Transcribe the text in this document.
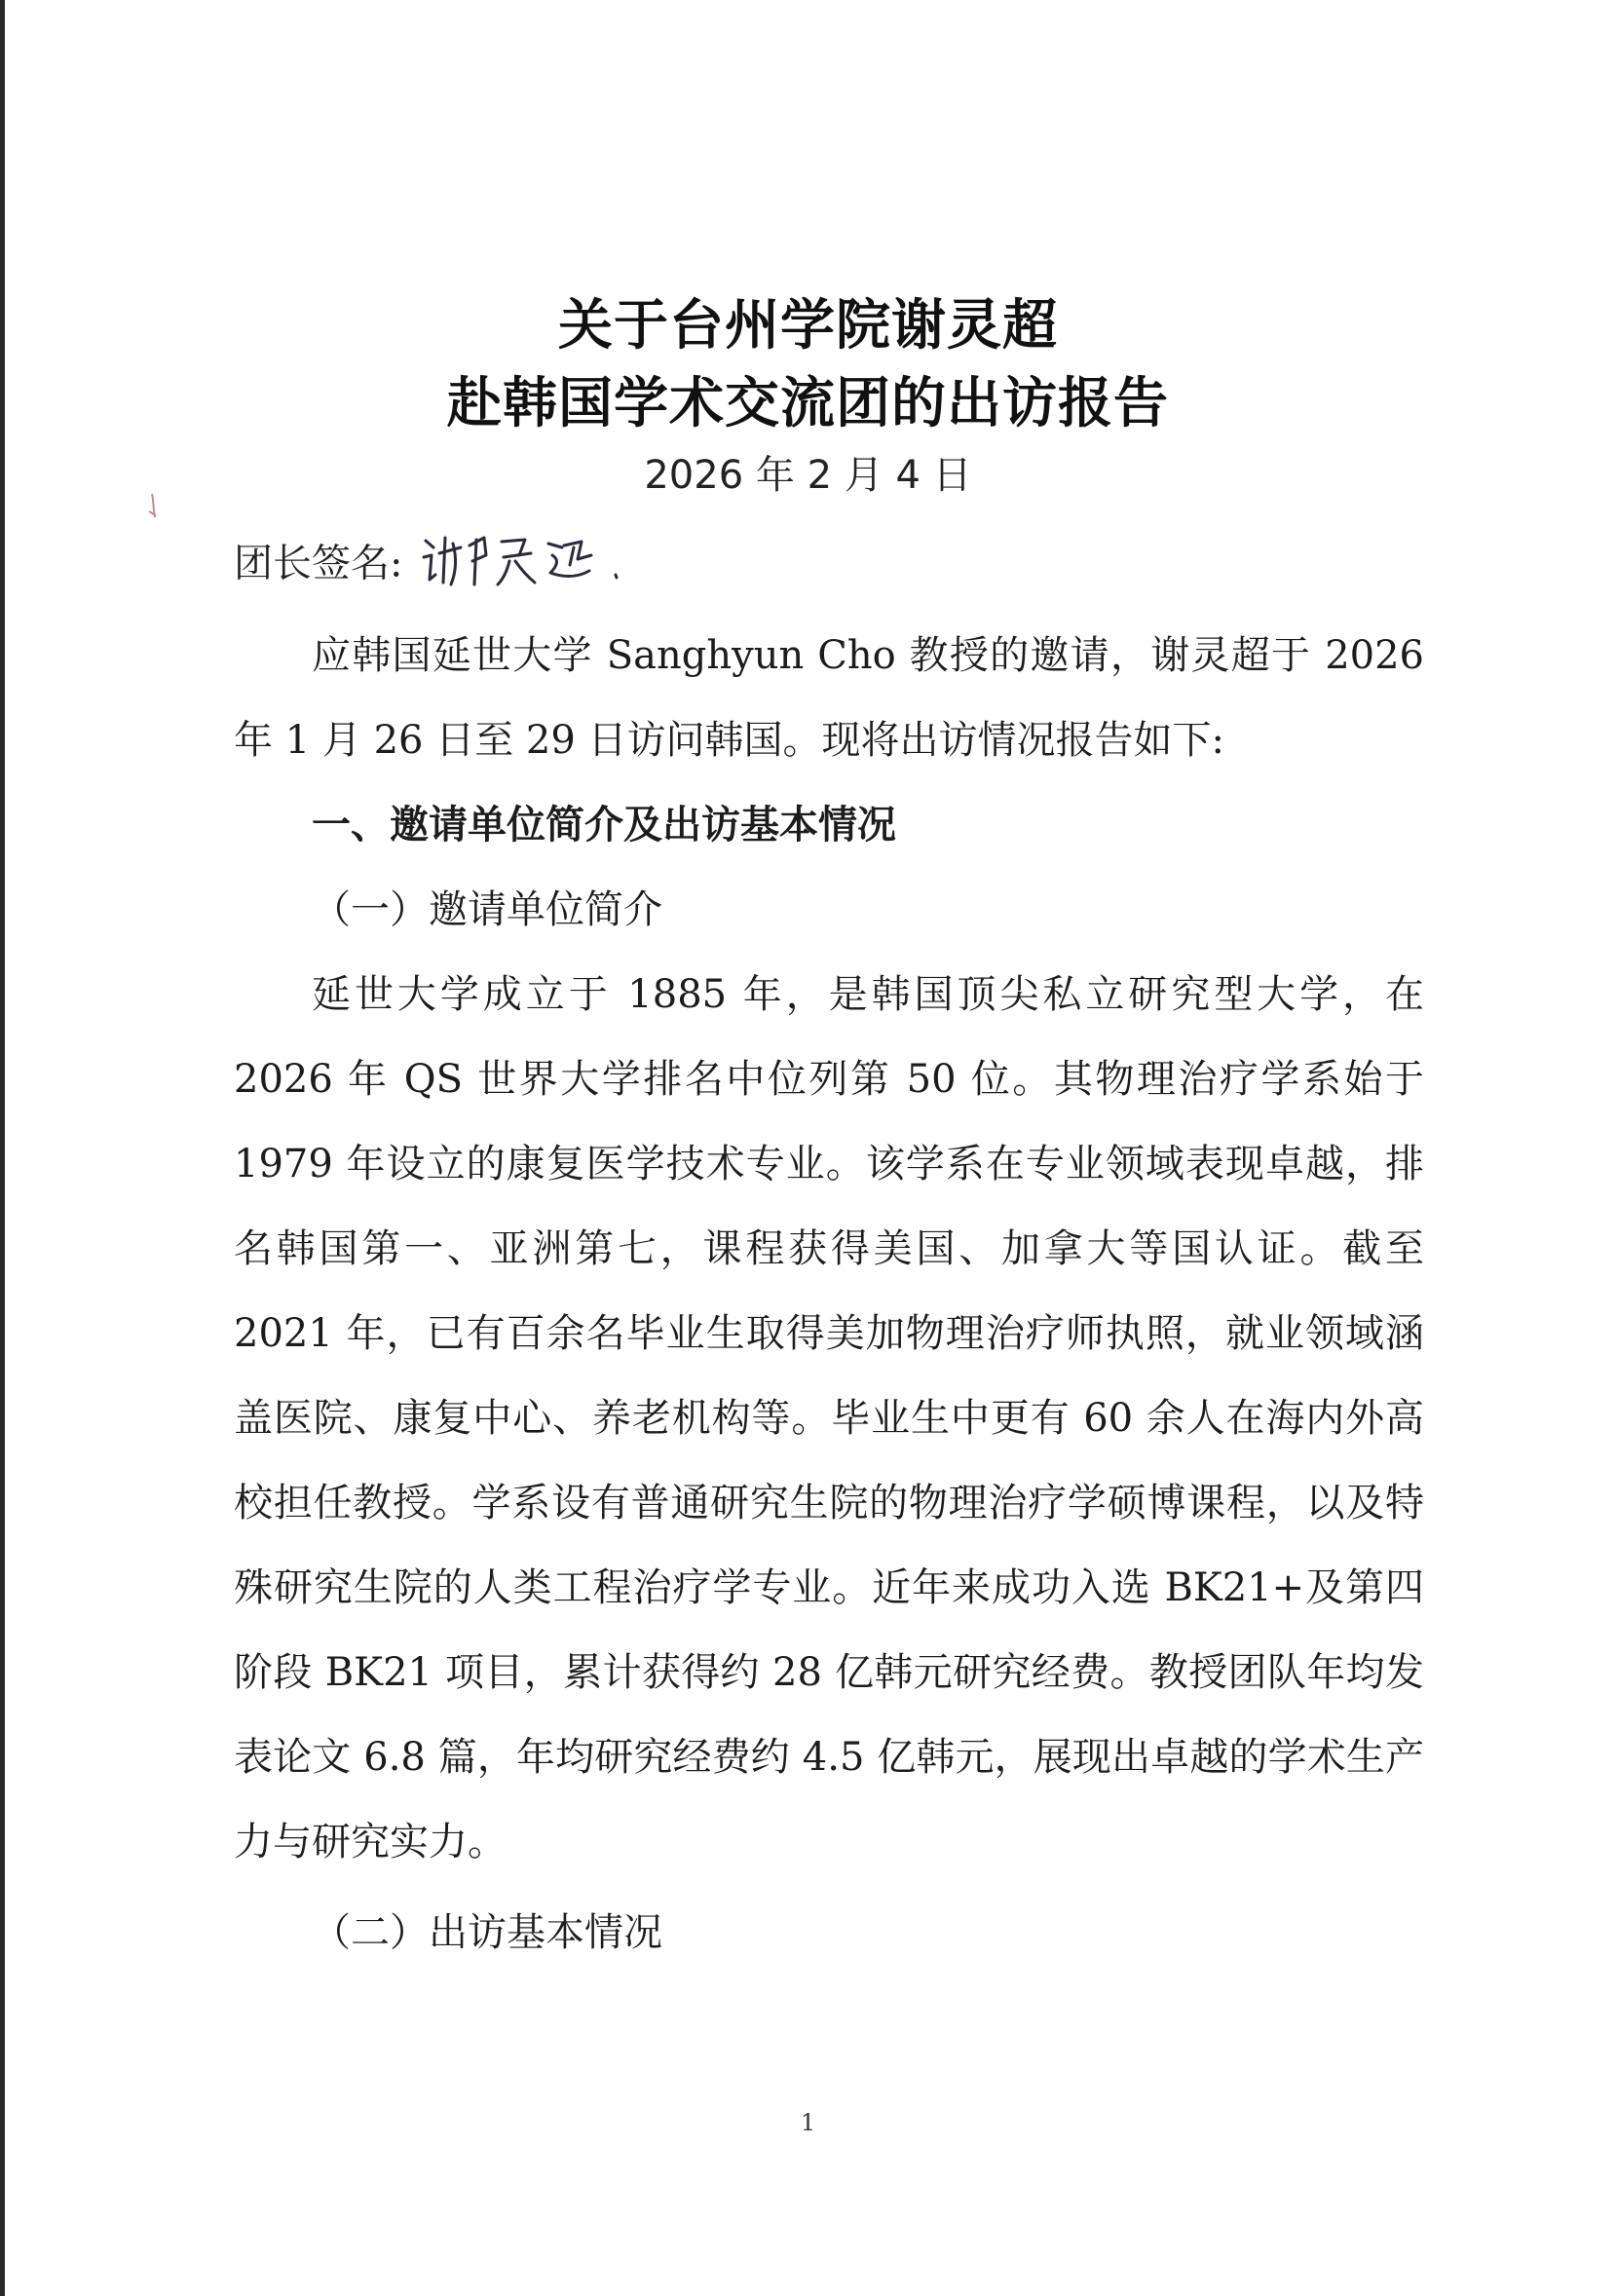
关于台州学院谢灵超
赴韩国学术交流团的出访报告
2026 年 2 月 4 日
团长签名:

应韩国延世大学 Sanghyun Cho 教授的邀请，谢灵超于 2026 年 1 月 26 日至 29 日访问韩国。现将出访情况报告如下:

一、邀请单位简介及出访基本情况
（一）邀请单位简介

延世大学成立于 1885 年，是韩国顶尖私立研究型大学，在 2026 年 QS 世界大学排名中位列第 50 位。其物理治疗学系始于 1979 年设立的康复医学技术专业。该学系在专业领域表现卓越，排名韩国第一、亚洲第七，课程获得美国、加拿大等国认证。截至 2021 年，已有百余名毕业生取得美加物理治疗师执照，就业领域涵盖医院、康复中心、养老机构等。毕业生中更有 60 余人在海内外高校担任教授。学系设有普通研究生院的物理治疗学硕博课程，以及特殊研究生院的人类工程治疗学专业。近年来成功入选 BK21+及第四阶段 BK21 项目，累计获得约 28 亿韩元研究经费。教授团队年均发表论文 6.8 篇，年均研究经费约 4.5 亿韩元，展现出卓越的学术生产力与研究实力。

（二）出访基本情况
1
